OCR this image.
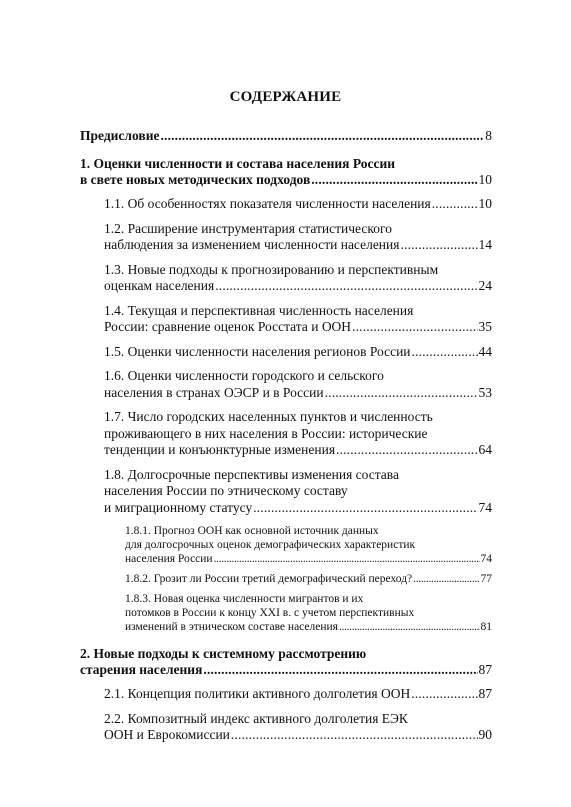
СОДЕРЖАНИЕ
Предисловие . . .	8
1. Оценки численности и состава населения России
в свете новых методических подходов . . .	10
1.1. Об особенностях показателя численности населения . . .	10
1.2. Расширение инструментария статистического
наблюдения за изменением численности населения . . .	14
1.3. Новые подходы к прогнозированию и перспективным
оценкам населения . . .	24
1.4. Текущая и перспективная численность населения
России: сравнение оценок Росстата и ООН . . .	35
1.5. Оценки численности населения регионов России . . .	44
1.6. Оценки численности городского и сельского
населения в странах ОЭСР и в России . . .	53
1.7. Число городских населенных пунктов и численность
проживающего в них населения в России: исторические
тенденции и конъюнктурные изменения . . .	64
1.8. Долгосрочные перспективы изменения состава
населения России по этническому составу
и миграционному статусу . . .	74
1.8.1. Прогноз ООН как основной источник данных
для долгосрочных оценок демографических характеристик
населения России . . .	74
1.8.2. Грозит ли России третий демографический переход? . . .	77
1.8.3. Новая оценка численности мигрантов и их
потомков в России к концу XXI в. с учетом перспективных
изменений в этническом составе населения . . .	81
2. Новые подходы к системному рассмотрению
старения населения . . .	87
2.1. Концепция политики активного долголетия ООН . . .	87
2.2. Композитный индекс активного долголетия ЕЭК
ООН и Еврокомиссии . . .	90
